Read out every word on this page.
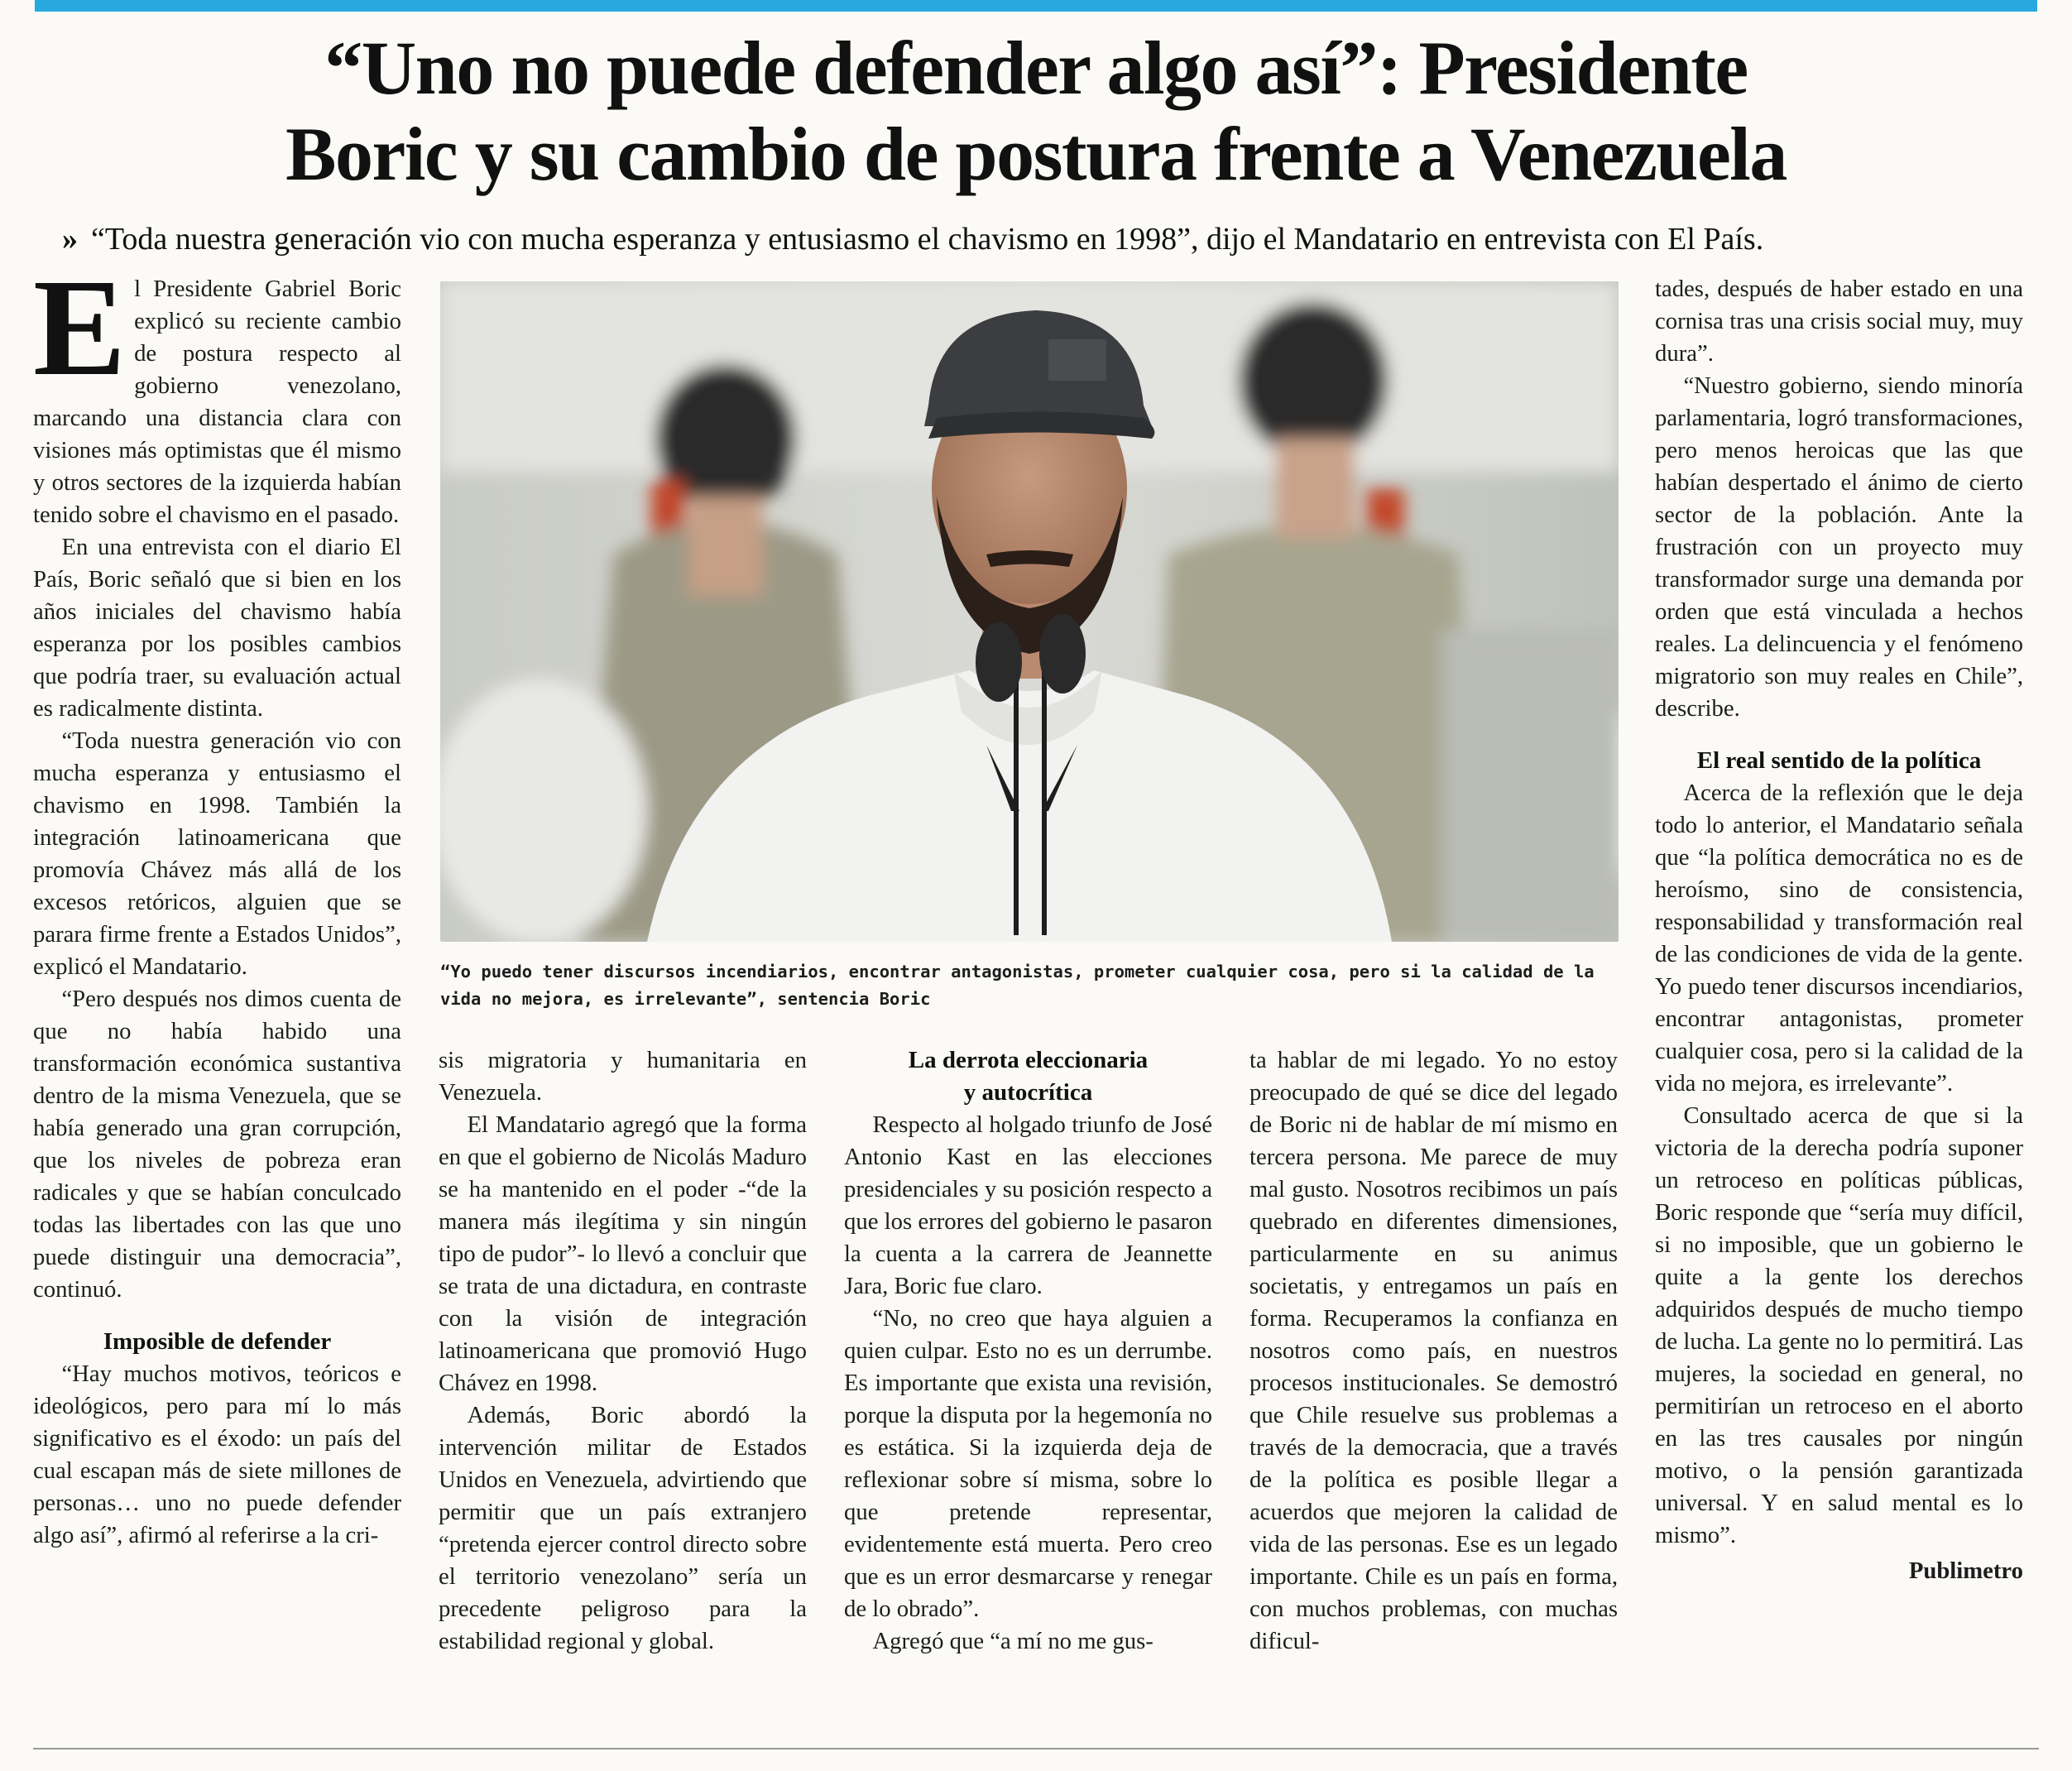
“Uno no puede defender algo así”: Presidente
Boric y su cambio de postura frente a Venezuela

» “Toda nuestra generación vio con mucha esperanza y entusiasmo el chavismo en 1998”, dijo el Mandatario en entrevista con El País.

El Presidente Gabriel Boric explicó su reciente cambio de postura respecto al gobierno venezolano, marcando una distancia clara con visiones más optimistas que él mismo y otros sectores de la izquierda habían tenido sobre el chavismo en el pasado.

En una entrevista con el diario El País, Boric señaló que si bien en los años iniciales del chavismo había esperanza por los posibles cambios que podría traer, su evaluación actual es radicalmente distinta.

“Toda nuestra generación vio con mucha esperanza y entusiasmo el chavismo en 1998. También la integración latinoamericana que promovía Chávez más allá de los excesos retóricos, alguien que se parara firme frente a Estados Unidos”, explicó el Mandatario.

“Pero después nos dimos cuenta de que no había habido una transformación económica sustantiva dentro de la misma Venezuela, que se había generado una gran corrupción, que los niveles de pobreza eran radicales y que se habían conculcado todas las libertades con las que uno puede distinguir una democracia”, continuó.

Imposible de defender

“Hay muchos motivos, teóricos e ideológicos, pero para mí lo más significativo es el éxodo: un país del cual escapan más de siete millones de personas… uno no puede defender algo así”, afirmó al referirse a la cri-

“Yo puedo tener discursos incendiarios, encontrar antagonistas, prometer cualquier cosa, pero si la calidad de la vida no mejora, es irrelevante”, sentencia Boric

sis migratoria y humanitaria en Venezuela.

El Mandatario agregó que la forma en que el gobierno de Nicolás Maduro se ha mantenido en el poder -“de la manera más ilegítima y sin ningún tipo de pudor”- lo llevó a concluir que se trata de una dictadura, en contraste con la visión de integración latinoamericana que promovió Hugo Chávez en 1998.

Además, Boric abordó la intervención militar de Estados Unidos en Venezuela, advirtiendo que permitir que un país extranjero “pretenda ejercer control directo sobre el territorio venezolano” sería un precedente peligroso para la estabilidad regional y global.

La derrota eleccionaria
y autocrítica

Respecto al holgado triunfo de José Antonio Kast en las elecciones presidenciales y su posición respecto a que los errores del gobierno le pasaron la cuenta a la carrera de Jeannette Jara, Boric fue claro.

“No, no creo que haya alguien a quien culpar. Esto no es un derrumbe. Es importante que exista una revisión, porque la disputa por la hegemonía no es estática. Si la izquierda deja de reflexionar sobre sí misma, sobre lo que pretende representar, evidentemente está muerta. Pero creo que es un error desmarcarse y renegar de lo obrado”.

Agregó que “a mí no me gus-

ta hablar de mi legado. Yo no estoy preocupado de qué se dice del legado de Boric ni de hablar de mí mismo en tercera persona. Me parece de muy mal gusto. Nosotros recibimos un país quebrado en diferentes dimensiones, particularmente en su animus societatis, y entregamos un país en forma. Recuperamos la confianza en nosotros como país, en nuestros procesos institucionales. Se demostró que Chile resuelve sus problemas a través de la democracia, que a través de la política es posible llegar a acuerdos que mejoren la calidad de vida de las personas. Ese es un legado importante. Chile es un país en forma, con muchos problemas, con muchas dificul-

tades, después de haber estado en una cornisa tras una crisis social muy, muy dura”.

“Nuestro gobierno, siendo minoría parlamentaria, logró transformaciones, pero menos heroicas que las que habían despertado el ánimo de cierto sector de la población. Ante la frustración con un proyecto muy transformador surge una demanda por orden que está vinculada a hechos reales. La delincuencia y el fenómeno migratorio son muy reales en Chile”, describe.

El real sentido de la política

Acerca de la reflexión que le deja todo lo anterior, el Mandatario señala que “la política democrática no es de heroísmo, sino de consistencia, responsabilidad y transformación real de las condiciones de vida de la gente. Yo puedo tener discursos incendiarios, encontrar antagonistas, prometer cualquier cosa, pero si la calidad de la vida no mejora, es irrelevante”.

Consultado acerca de que si la victoria de la derecha podría suponer un retroceso en políticas públicas, Boric responde que “sería muy difícil, si no imposible, que un gobierno le quite a la gente los derechos adquiridos después de mucho tiempo de lucha. La gente no lo permitirá. Las mujeres, la sociedad en general, no permitirían un retroceso en el aborto en las tres causales por ningún motivo, o la pensión garantizada universal. Y en salud mental es lo mismo”.

Publimetro
